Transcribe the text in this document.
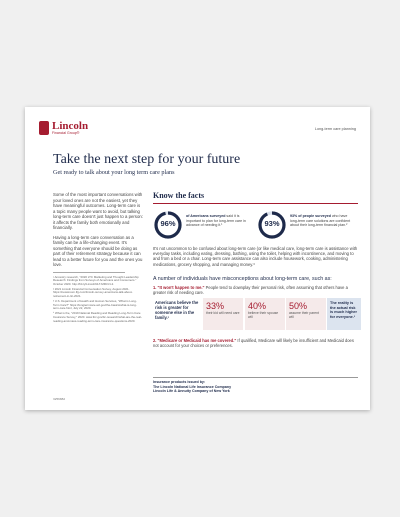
Lincoln
Financial Group®
Long-term care planning
Take the next step for your future
Get ready to talk about your long term care plans

Some of the most important conversations with your loved ones are not the easiest, yet they have meaningful outcomes. Long-term care is a topic many people want to avoid, but talking long-term care doesn't just happen to a person: it affects the family both emotionally and financially.

Having a long-term care conversation as a family can be a life-changing event. It's something that everyone should be doing as part of their retirement strategy because it can lead to a better future for you and the ones you love.

¹ Ancestry research, "2020 LTC Marketing and Thought Leadership Research: Findings from Surveys of Americans and Consumers." October 2020. http://bit.ly/LincolnNLT-MFR-N-2.

² 2021 Lincoln Financial Conversation Survey, August 2021. https://newsroom.lfg.com/lincoln-survey-americans-talk-about-retirement-in-ltc-2021.

³ U.S. Department of Health and Human Services, "What is Long-Term Care?" https://longtermcare.acl.gov/the-basics/what-is-long-term-care.html, July 22, 2020.

⁴ What is the, "2019 National Reading and Reading Long-Term Care Insurance Survey," 2020. www.ltrc.gov/ltc-research/what-are-the-real-reading-and-mass-reading-term-care-insurance-questions-2020.

Know the facts
96%
of Americans surveyed said it is important to plan for long-term care in advance of needing it.¹	93%
93% of people surveyed who have long-term care solutions are confident about their long-term financial plan.²

It's not uncommon to be confused about long-term care (or like medical care, long-term care is assistance with everyday tasks, including eating, dressing, bathing, using the toilet, helping with incontinence, and moving to and from a bed or a chair. Long-term care assistance can also include housework, cooking, administering medications, grocery shopping, and managing money.³

A number of individuals have misconceptions about long-term care, such as:

1. "It won't happen to me." People tend to downplay their personal risk, often assuming that others have a greater risk of needing care.

Americans believe the risk is greater for someone else in the family.¹
33%
their kid will need care
40%
believe their spouse will
50%
assume their parent will
The reality is the actual risk is much higher for everyone.³

2. "Medicare or Medicaid has me covered." If qualified, Medicare will likely be insufficient and Medicaid does not account for your choices or preferences.

Insurance products issued by:
The Lincoln National Life Insurance Company
Lincoln Life & Annuity Company of New York
3256882
